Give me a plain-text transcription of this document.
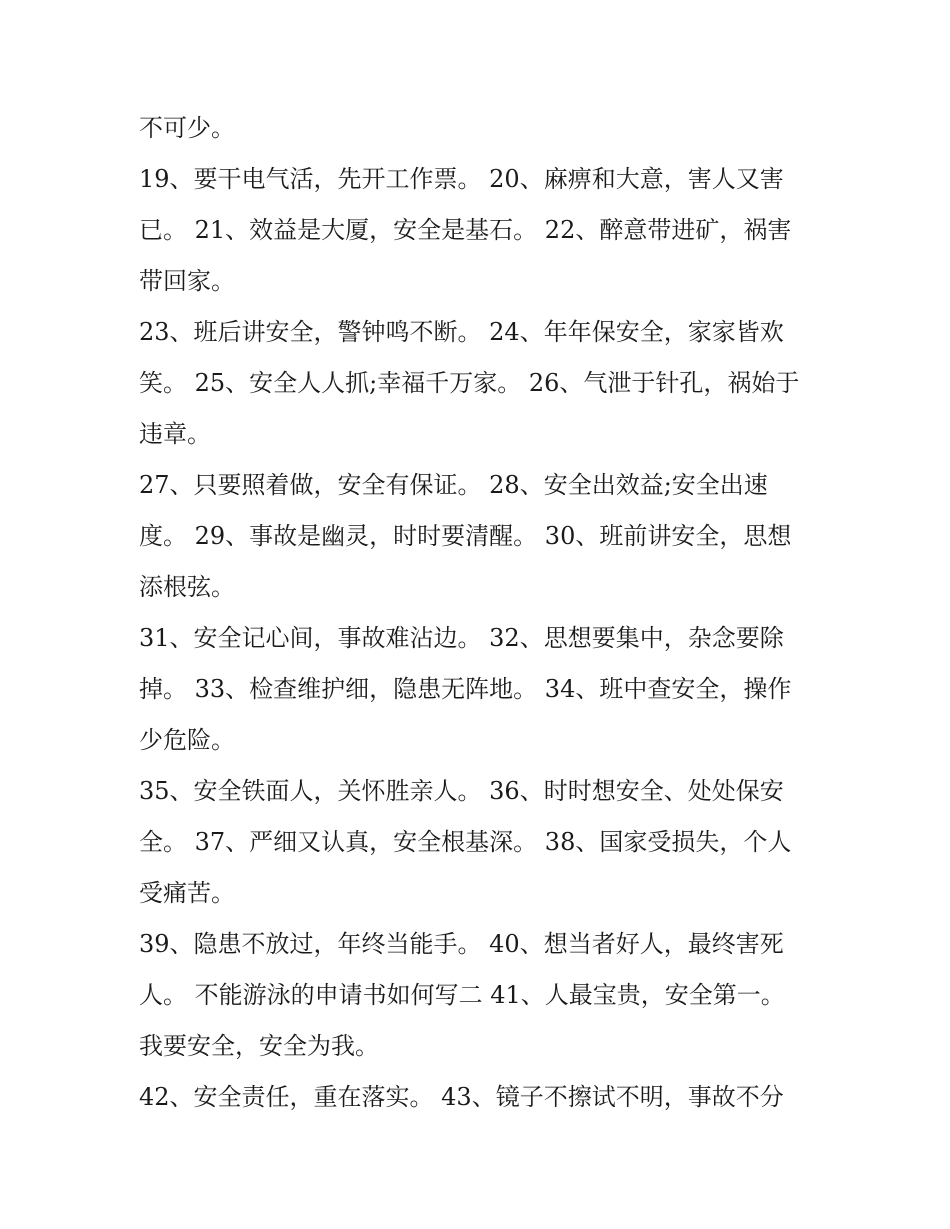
不可少。
19、要干电气活，先开工作票。 20、麻痹和大意，害人又害
已。 21、效益是大厦，安全是基石。 22、醉意带进矿，祸害
带回家。
23、班后讲安全，警钟鸣不断。 24、年年保安全，家家皆欢
笑。 25、安全人人抓;幸福千万家。 26、气泄于针孔，祸始于
违章。
27、只要照着做，安全有保证。 28、安全出效益;安全出速
度。 29、事故是幽灵，时时要清醒。 30、班前讲安全，思想
添根弦。
31、安全记心间，事故难沾边。 32、思想要集中，杂念要除
掉。 33、检查维护细，隐患无阵地。 34、班中查安全，操作
少危险。
35、安全铁面人，关怀胜亲人。 36、时时想安全、处处保安
全。 37、严细又认真，安全根基深。 38、国家受损失，个人
受痛苦。
39、隐患不放过，年终当能手。 40、想当者好人，最终害死
人。 不能游泳的申请书如何写二 41、人最宝贵，安全第一。
我要安全，安全为我。
42、安全责任，重在落实。 43、镜子不擦试不明，事故不分
